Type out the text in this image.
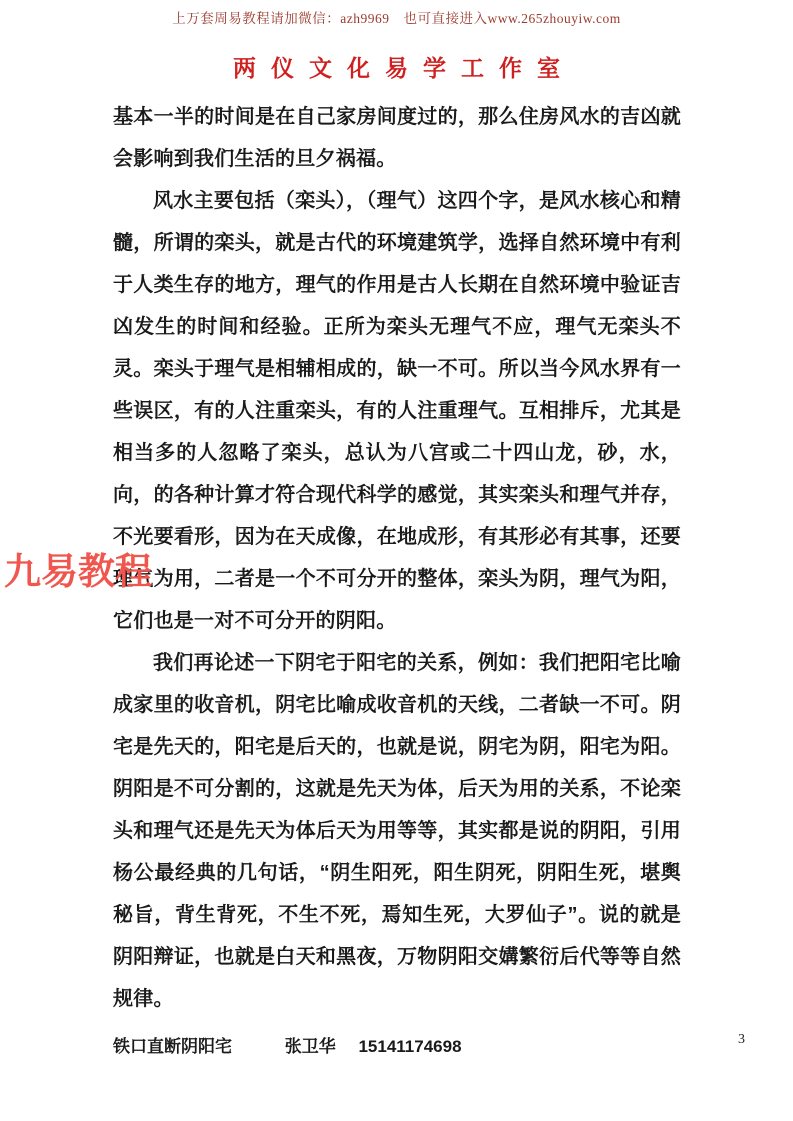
上万套周易教程请加微信：azh9969　也可直接进入www.265zhouyiw.com
两仪文化易学工作室

基本一半的时间是在自己家房间度过的，那么住房风水的吉凶就会影响到我们生活的旦夕祸福。

风水主要包括（栾头），（理气）这四个字，是风水核心和精髓，所谓的栾头，就是古代的环境建筑学，选择自然环境中有利于人类生存的地方，理气的作用是古人长期在自然环境中验证吉凶发生的时间和经验。正所为栾头无理气不应，理气无栾头不灵。栾头于理气是相辅相成的，缺一不可。所以当今风水界有一些误区，有的人注重栾头，有的人注重理气。互相排斥，尤其是相当多的人忽略了栾头，总认为八宫或二十四山龙，砂，水，向，的各种计算才符合现代科学的感觉，其实栾头和理气并存，不光要看形，因为在天成像，在地成形，有其形必有其事，还要理气为用，二者是一个不可分开的整体，栾头为阴，理气为阳，它们也是一对不可分开的阴阳。

我们再论述一下阴宅于阳宅的关系，例如：我们把阳宅比喻成家里的收音机，阴宅比喻成收音机的天线，二者缺一不可。阴宅是先天的，阳宅是后天的，也就是说，阴宅为阴，阳宅为阳。阴阳是不可分割的，这就是先天为体，后天为用的关系，不论栾头和理气还是先天为体后天为用等等，其实都是说的阴阳，引用杨公最经典的几句话，“阴生阳死，阳生阴死，阴阳生死，堪舆秘旨，背生背死，不生不死，焉知生死，大罗仙子”。说的就是阴阳辩证，也就是白天和黑夜，万物阴阳交媾繁衍后代等等自然规律。

九易教程
铁口直断阴阳宅	张卫华 15141174698	3
